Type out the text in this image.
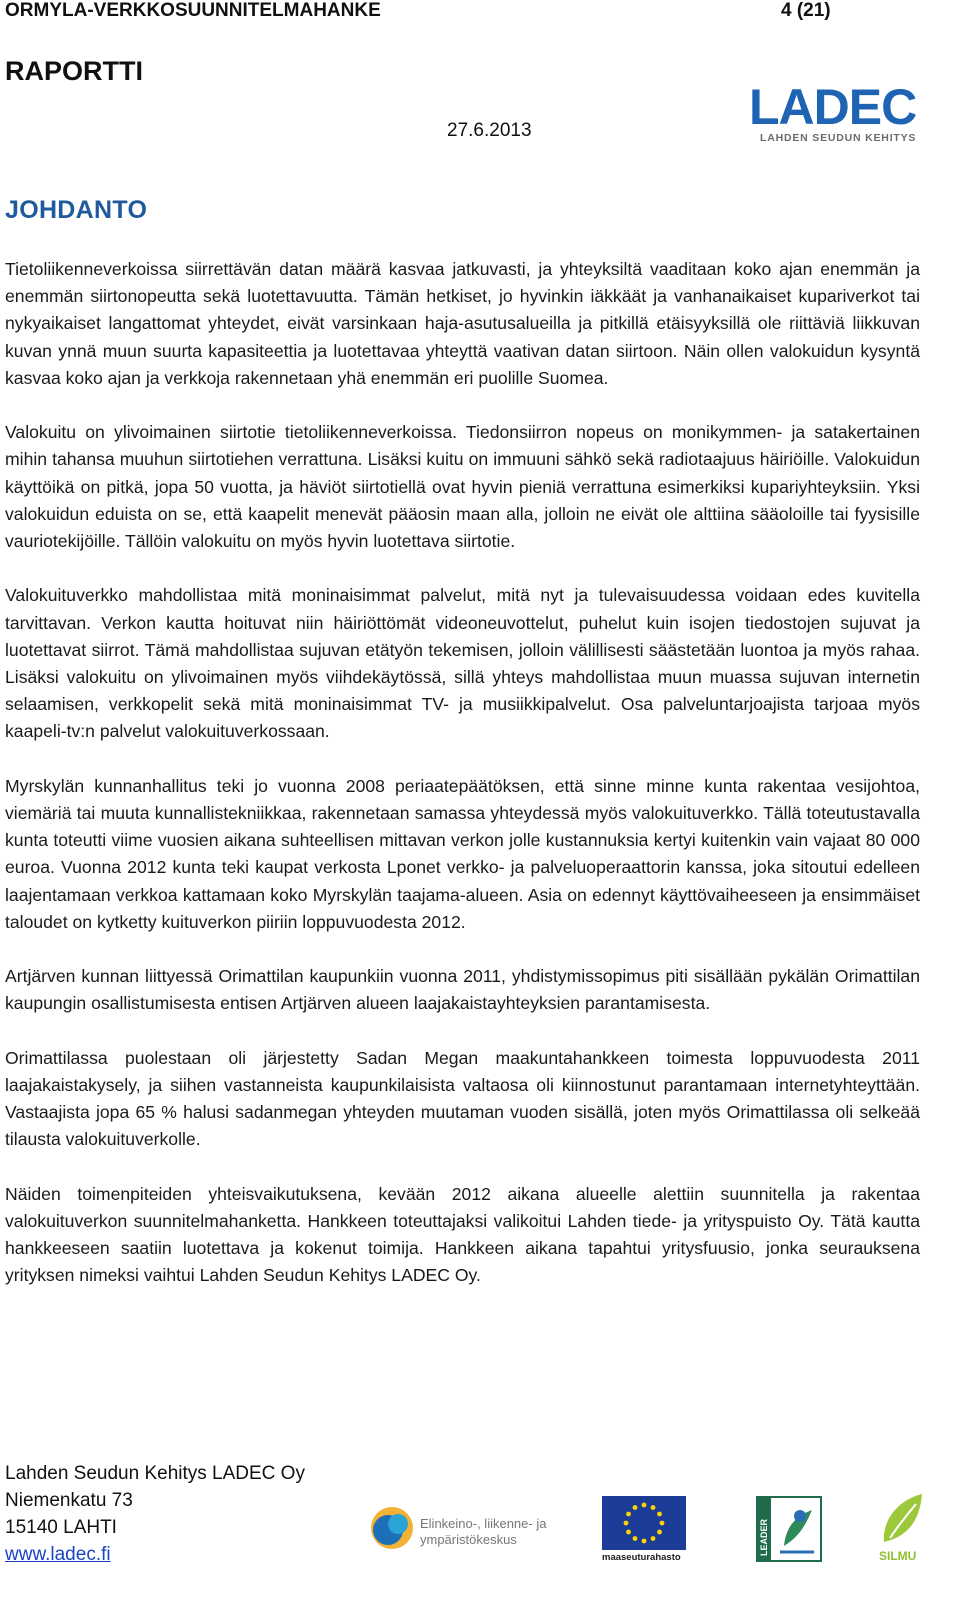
ORMYLA-VERKKOSUUNNITELMAHANKE	4 (21)
RAPORTTI
27.6.2013	LADEC
LAHDEN SEUDUN KEHITYS
JOHDANTO

Tietoliikenneverkoissa siirrettävän datan määrä kasvaa jatkuvasti, ja yhteyksiltä vaaditaan koko ajan enemmän ja enemmän siirtonopeutta sekä luotettavuutta. Tämän hetkiset, jo hyvinkin iäkkäät ja vanhanaikaiset kupariverkot tai nykyaikaiset langattomat yhteydet, eivät varsinkaan haja-asutusalueilla ja pitkillä etäisyyksillä ole riittäviä liikkuvan kuvan ynnä muun suurta kapasiteettia ja luotettavaa yhteyttä vaativan datan siirtoon. Näin ollen valokuidun kysyntä kasvaa koko ajan ja verkkoja rakennetaan yhä enemmän eri puolille Suomea.

Valokuitu on ylivoimainen siirtotie tietoliikenneverkoissa. Tiedonsiirron nopeus on monikymmen- ja satakertainen mihin tahansa muuhun siirtotiehen verrattuna. Lisäksi kuitu on immuuni sähkö sekä radiotaajuus häiriöille. Valokuidun käyttöikä on pitkä, jopa 50 vuotta, ja häviöt siirtotiellä ovat hyvin pieniä verrattuna esimerkiksi kupariyhteyksiin. Yksi valokuidun eduista on se, että kaapelit menevät pääosin maan alla, jolloin ne eivät ole alttiina sääoloille tai fyysisille vauriotekijöille. Tällöin valokuitu on myös hyvin luotettava siirtotie.

Valokuituverkko mahdollistaa mitä moninaisimmat palvelut, mitä nyt ja tulevaisuudessa voidaan edes kuvitella tarvittavan. Verkon kautta hoituvat niin häiriöttömät videoneuvottelut, puhelut kuin isojen tiedostojen sujuvat ja luotettavat siirrot. Tämä mahdollistaa sujuvan etätyön tekemisen, jolloin välillisesti säästetään luontoa ja myös rahaa. Lisäksi valokuitu on ylivoimainen myös viihdekäytössä, sillä yhteys mahdollistaa muun muassa sujuvan internetin selaamisen, verkkopelit sekä mitä moninaisimmat TV- ja musiikkipalvelut. Osa palveluntarjoajista tarjoaa myös kaapeli-tv:n palvelut valokuituverkossaan.

Myrskylän kunnanhallitus teki jo vuonna 2008 periaatepäätöksen, että sinne minne kunta rakentaa vesijohtoa, viemäriä tai muuta kunnallistekniikkaa, rakennetaan samassa yhteydessä myös valokuituverkko. Tällä toteutustavalla kunta toteutti viime vuosien aikana suhteellisen mittavan verkon jolle kustannuksia kertyi kuitenkin vain vajaat 80 000 euroa. Vuonna 2012 kunta teki kaupat verkosta Lponet verkko- ja palveluoperaattorin kanssa, joka sitoutui edelleen laajentamaan verkkoa kattamaan koko Myrskylän taajama-alueen. Asia on edennyt käyttövaiheeseen ja ensimmäiset taloudet on kytketty kuituverkon piiriin loppuvuodesta 2012.

Artjärven kunnan liittyessä Orimattilan kaupunkiin vuonna 2011, yhdistymissopimus piti sisällään pykälän Orimattilan kaupungin osallistumisesta entisen Artjärven alueen laajakaistayhteyksien parantamisesta.

Orimattilassa puolestaan oli järjestetty Sadan Megan maakuntahankkeen toimesta loppuvuodesta 2011 laajakaistakysely, ja siihen vastanneista kaupunkilaisista valtaosa oli kiinnostunut parantamaan internetyhteyttään. Vastaajista jopa 65 % halusi sadanmegan yhteyden muutaman vuoden sisällä, joten myös Orimattilassa oli selkeää tilausta valokuituverkolle.

Näiden toimenpiteiden yhteisvaikutuksena, kevään 2012 aikana alueelle alettiin suunnitella ja rakentaa valokuituverkon suunnitelmahanketta. Hankkeen toteuttajaksi valikoitui Lahden tiede- ja yrityspuisto Oy. Tätä kautta hankkeeseen saatiin luotettava ja kokenut toimija. Hankkeen aikana tapahtui yritysfuusio, jonka seurauksena yrityksen nimeksi vaihtui Lahden Seudun Kehitys LADEC Oy.

Lahden Seudun Kehitys LADEC Oy
Niemenkatu 73
15140 LAHTI
www.ladec.fi
Elinkeino-, liikenne- ja
ympäristökeskus
maaseuturahasto
LEADER	SILMU
